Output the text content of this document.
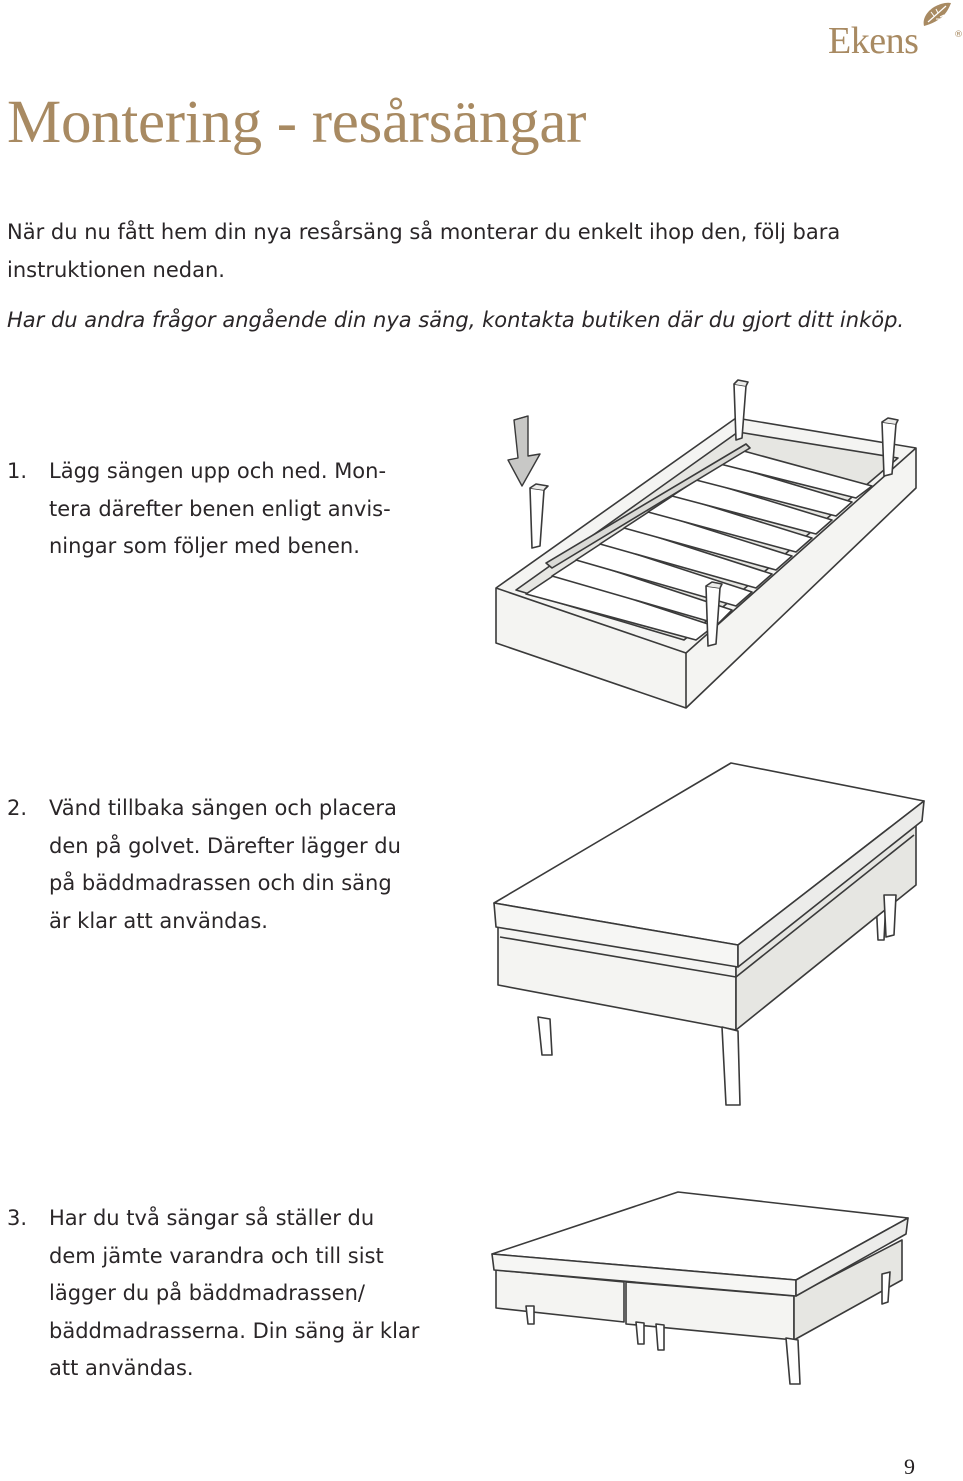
Ekens	®
Montering - resårsängar

När du nu fått hem din nya resårsäng så monterar du enkelt ihop den, följ bara instruktionen nedan.

Har du andra frågor angående din nya säng, kontakta butiken där du gjort ditt inköp.

1. Lägg sängen upp och ned. Mon-
tera därefter benen enligt anvis-
ningar som följer med benen.
2. Vänd tillbaka sängen och placera
den på golvet. Därefter lägger du
på bäddmadrassen och din säng
är klar att användas.
3. Har du två sängar så ställer du
dem jämte varandra och till sist
lägger du på bäddmadrassen/
bäddmadrasserna. Din säng är klar
att användas.
9
